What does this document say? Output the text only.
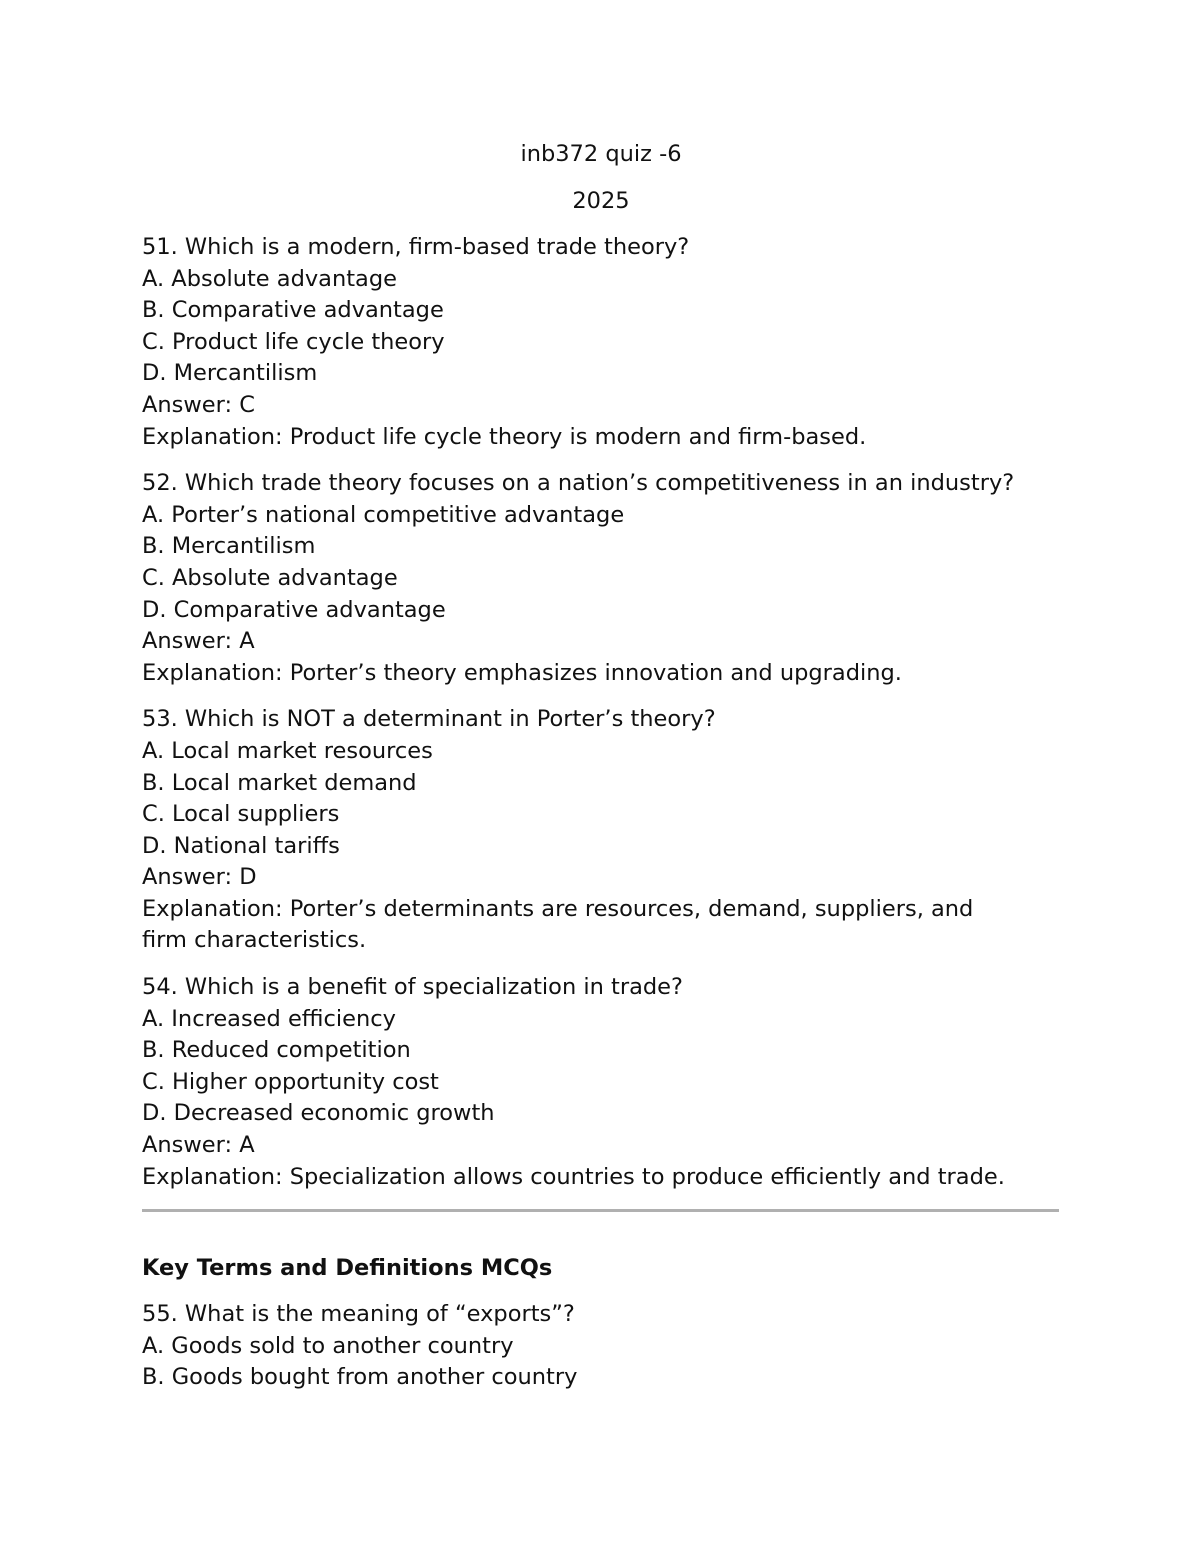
inb372 quiz -6

2025

51. Which is a modern, firm-based trade theory?

A. Absolute advantage

B. Comparative advantage

C. Product life cycle theory

D. Mercantilism

Answer: C

Explanation: Product life cycle theory is modern and firm-based.

52. Which trade theory focuses on a nation’s competitiveness in an industry?

A. Porter’s national competitive advantage

B. Mercantilism

C. Absolute advantage

D. Comparative advantage

Answer: A

Explanation: Porter’s theory emphasizes innovation and upgrading.

53. Which is NOT a determinant in Porter’s theory?

A. Local market resources

B. Local market demand

C. Local suppliers

D. National tariffs

Answer: D

Explanation: Porter’s determinants are resources, demand, suppliers, and firm characteristics.

54. Which is a benefit of specialization in trade?

A. Increased efficiency

B. Reduced competition

C. Higher opportunity cost

D. Decreased economic growth

Answer: A

Explanation: Specialization allows countries to produce efficiently and trade.

Key Terms and Definitions MCQs

55. What is the meaning of “exports”?

A. Goods sold to another country

B. Goods bought from another country
